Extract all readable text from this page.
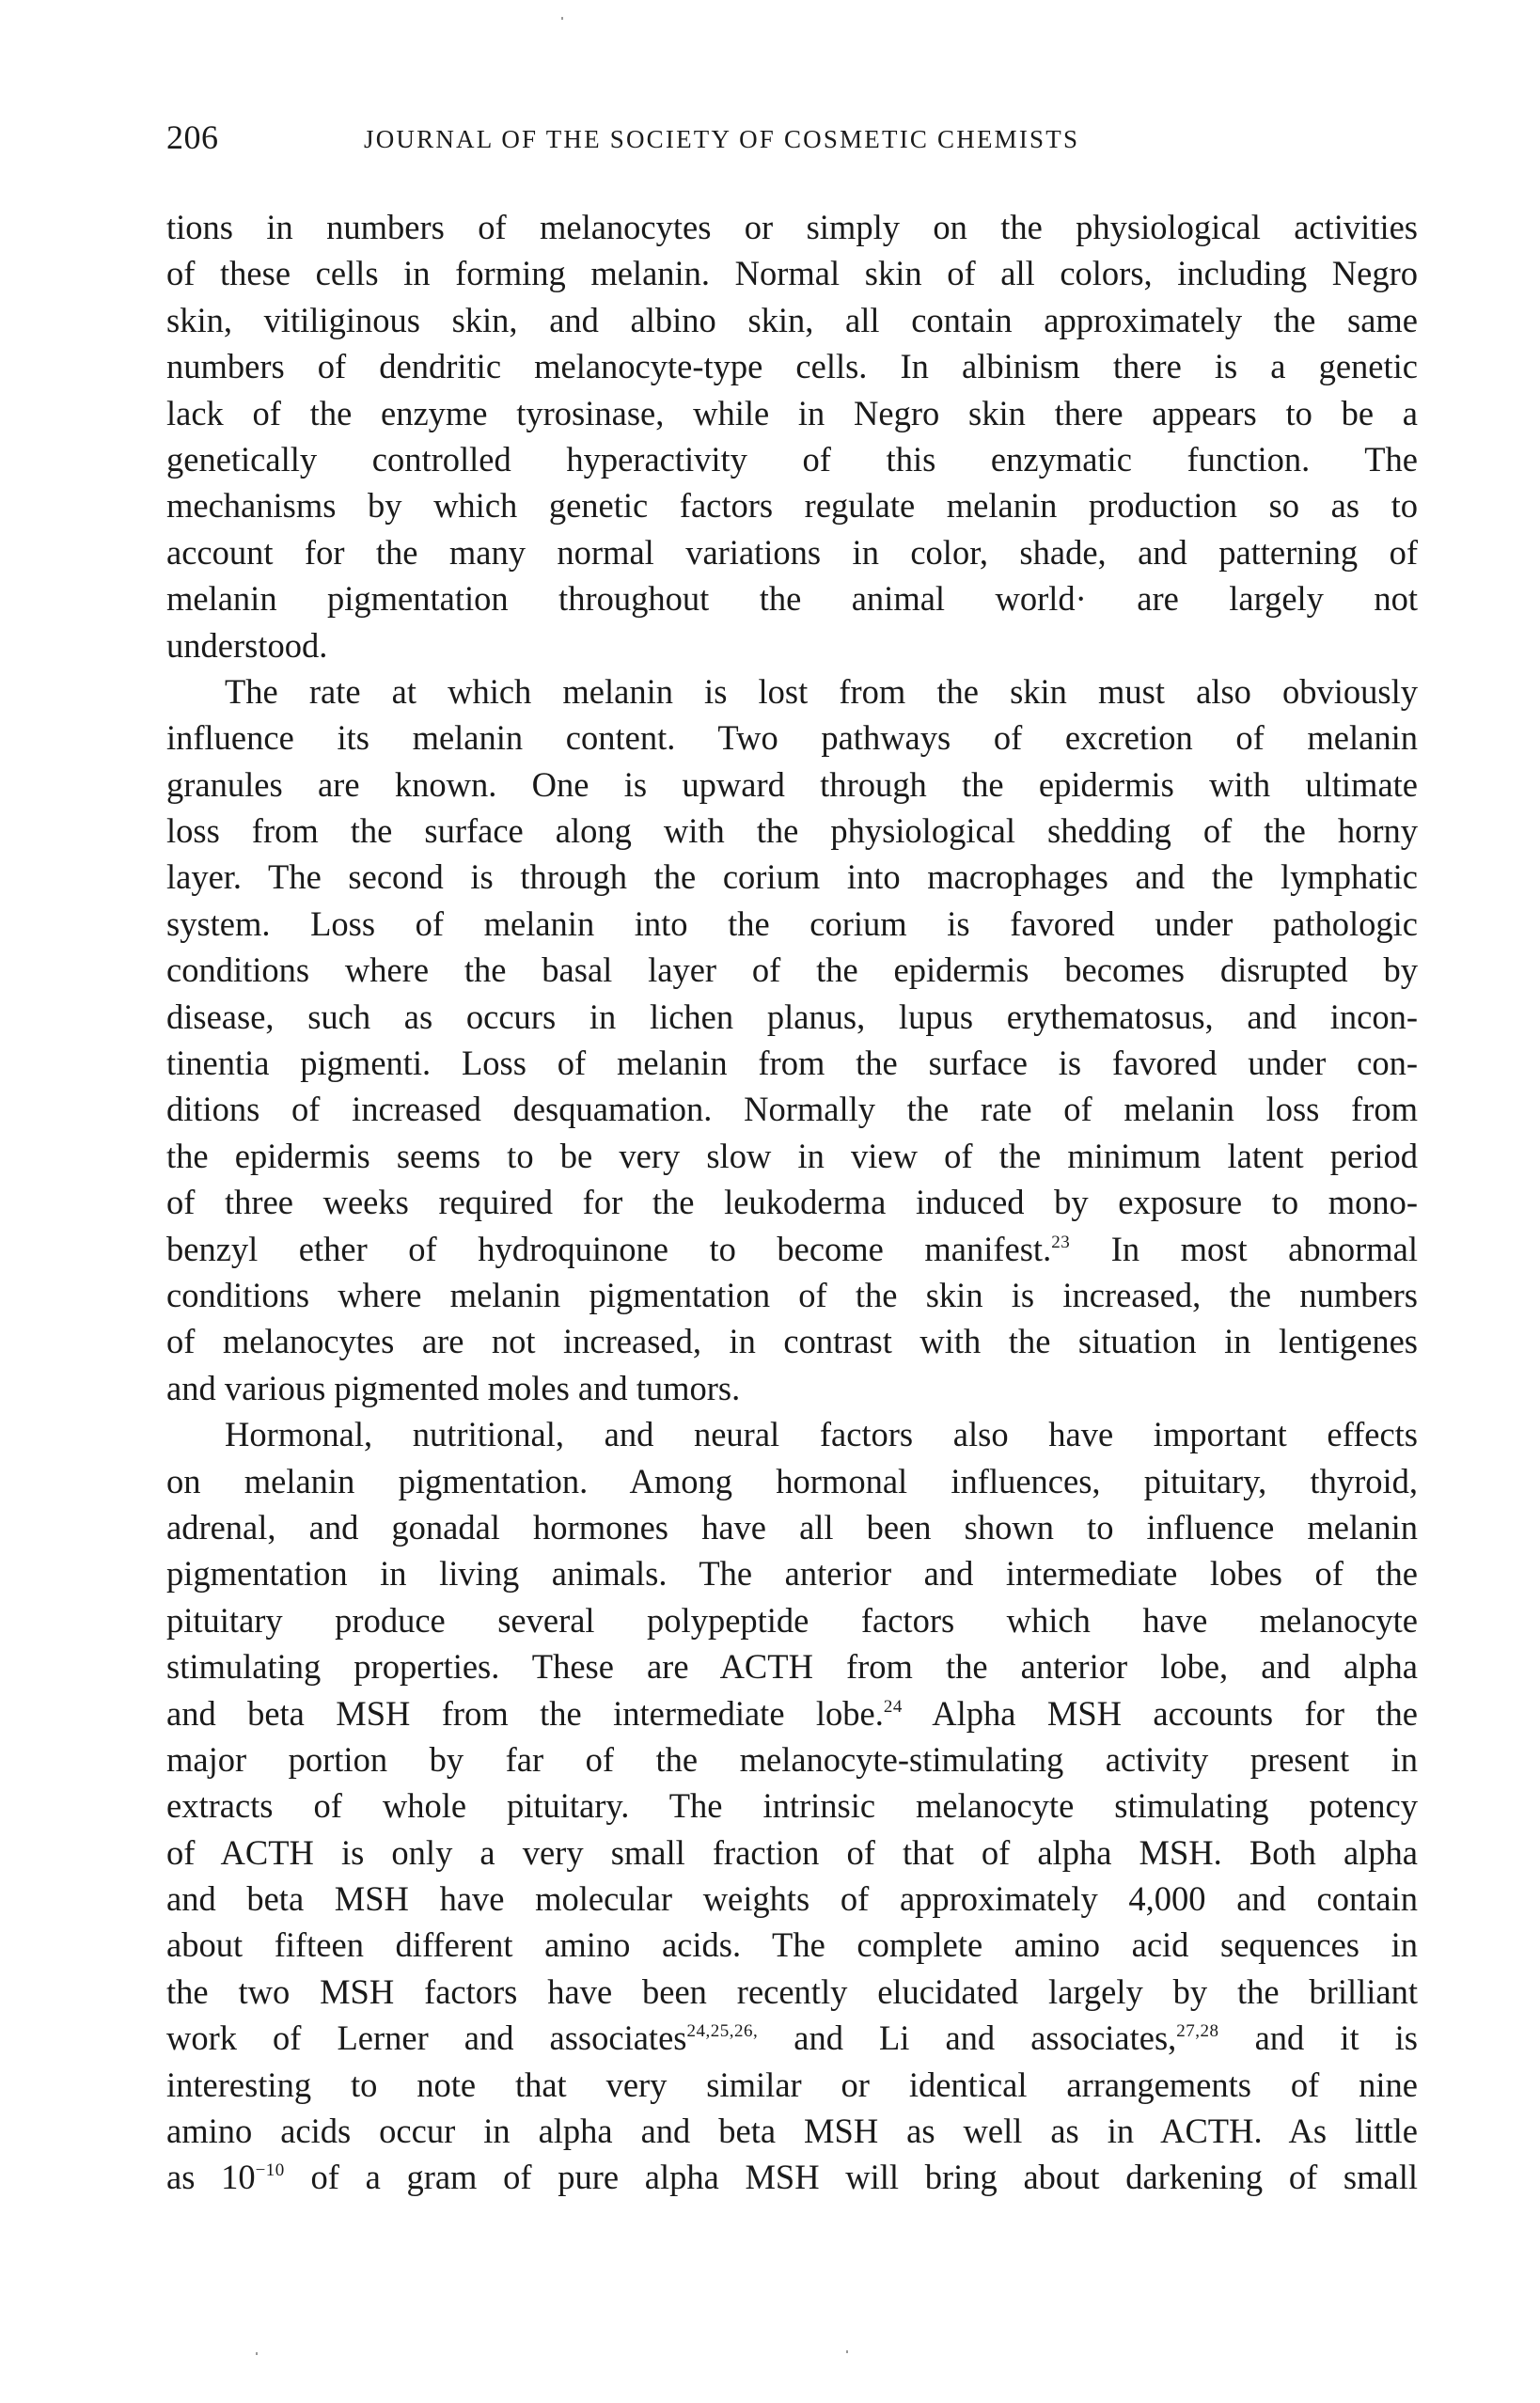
206	JOURNAL OF THE SOCIETY OF COSMETIC CHEMISTS
tions in numbers of melanocytes or simply on the physiological activities
of these cells in forming melanin. Normal skin of all colors, including Negro
skin, vitiliginous skin, and albino skin, all contain approximately the same
numbers of dendritic melanocyte-type cells. In albinism there is a genetic
lack of the enzyme tyrosinase, while in Negro skin there appears to be a
genetically controlled hyperactivity of this enzymatic function. The
mechanisms by which genetic factors regulate melanin production so as to
account for the many normal variations in color, shade, and patterning of
melanin pigmentation throughout the animal world· are largely not
understood.
The rate at which melanin is lost from the skin must also obviously
influence its melanin content. Two pathways of excretion of melanin
granules are known. One is upward through the epidermis with ultimate
loss from the surface along with the physiological shedding of the horny
layer. The second is through the corium into macrophages and the lymphatic
system. Loss of melanin into the corium is favored under pathologic
conditions where the basal layer of the epidermis becomes disrupted by
disease, such as occurs in lichen planus, lupus erythematosus, and incon-
tinentia pigmenti. Loss of melanin from the surface is favored under con-
ditions of increased desquamation. Normally the rate of melanin loss from
the epidermis seems to be very slow in view of the minimum latent period
of three weeks required for the leukoderma induced by exposure to mono-
benzyl ether of hydroquinone to become manifest.$^{23}$ In most abnormal
conditions where melanin pigmentation of the skin is increased, the numbers
of melanocytes are not increased, in contrast with the situation in lentigenes
and various pigmented moles and tumors.
Hormonal, nutritional, and neural factors also have important effects
on melanin pigmentation. Among hormonal influences, pituitary, thyroid,
adrenal, and gonadal hormones have all been shown to influence melanin
pigmentation in living animals. The anterior and intermediate lobes of the
pituitary produce several polypeptide factors which have melanocyte
stimulating properties. These are ACTH from the anterior lobe, and alpha
and beta MSH from the intermediate lobe.$^{24}$ Alpha MSH accounts for the
major portion by far of the melanocyte-stimulating activity present in
extracts of whole pituitary. The intrinsic melanocyte stimulating potency
of ACTH is only a very small fraction of that of alpha MSH. Both alpha
and beta MSH have molecular weights of approximately 4,000 and contain
about fifteen different amino acids. The complete amino acid sequences in
the two MSH factors have been recently elucidated largely by the brilliant
work of Lerner and associates$^{24,25,26,}$ and Li and associates,$^{27,28}$ and it is
interesting to note that very similar or identical arrangements of nine
amino acids occur in alpha and beta MSH as well as in ACTH. As little
as 10$^{-10}$ of a gram of pure alpha MSH will bring about darkening of small
